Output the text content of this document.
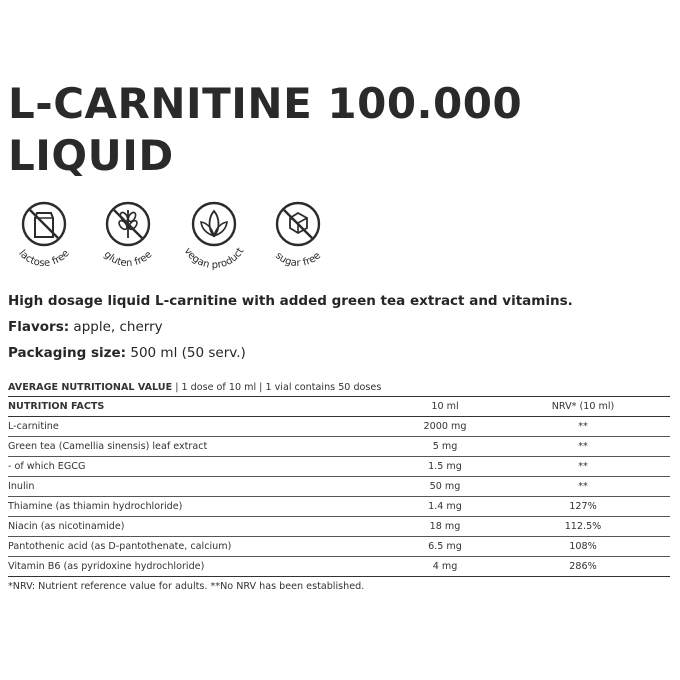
L-CARNITINE 100.000
LIQUID
lactose free	gluten free	vegan product	sugar free
High dosage liquid L-carnitine with added green tea extract and vitamins.
Flavors: apple, cherry
Packaging size: 500 ml (50 serv.)
AVERAGE NUTRITIONAL VALUE | 1 dose of 10 ml | 1 vial contains 50 doses
NUTRITION FACTS	10 ml	NRV* (10 ml)
L-carnitine	2000 mg	**
Green tea (Camellia sinensis) leaf extract	5 mg	**
- of which EGCG	1.5 mg	**
Inulin	50 mg	**
Thiamine (as thiamin hydrochloride)	1.4 mg	127%
Niacin (as nicotinamide)	18 mg	112.5%
Pantothenic acid (as D-pantothenate, calcium)	6.5 mg	108%
Vitamin B6 (as pyridoxine hydrochloride)	4 mg	286%
*NRV: Nutrient reference value for adults. **No NRV has been established.
